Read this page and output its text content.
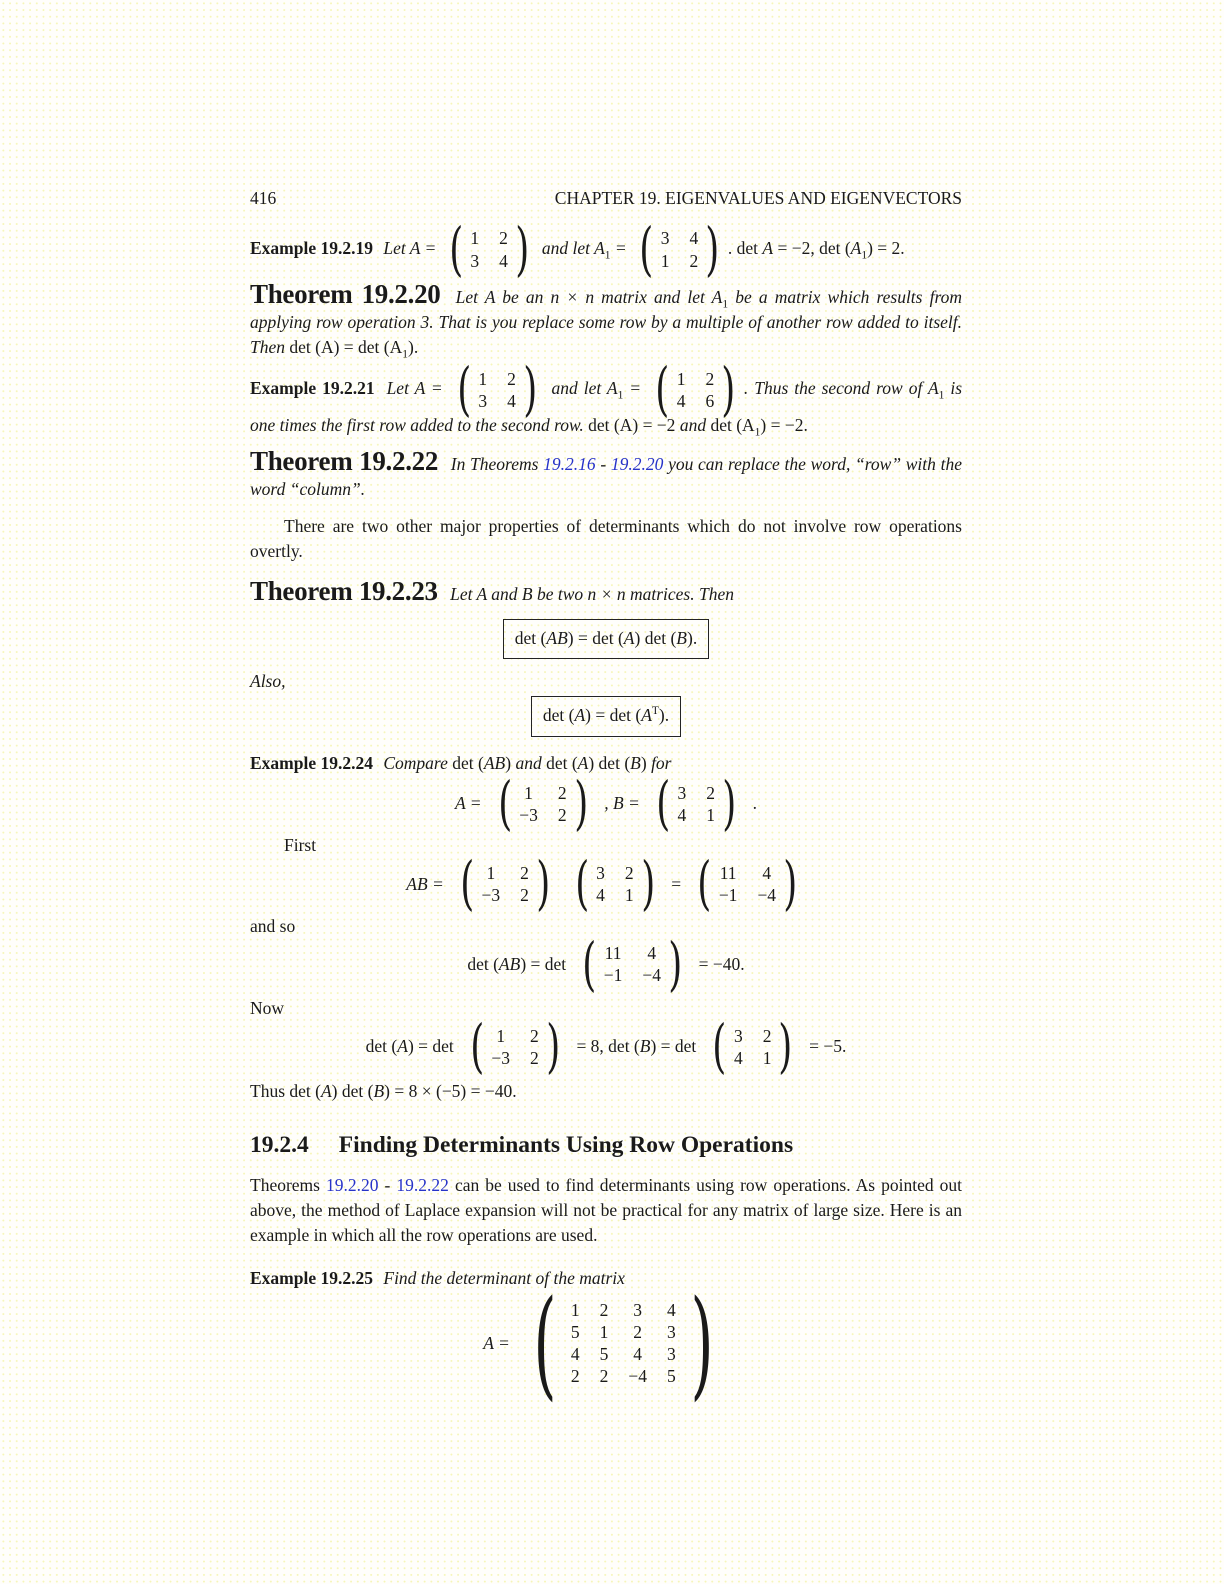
416	CHAPTER 19. EIGENVALUES AND EIGENVECTORS

Example 19.2.19 Let A = ( 1 2
3 4 ) and let $A_1$ = ( 3 4
1 2 ) . det A = −2, $\det (A_1) = 2$.

Theorem 19.2.20 Let A be an n × n matrix and let $A_1$ be a matrix which results from applying row operation 3. That is you replace some row by a multiple of another row added to itself. Then $\det (A) = \det (A_1)$.

Example 19.2.21 Let A = ( 1 2
3 4 ) and let $A_1$ = ( 1 2
4 6 ) . Thus the second row of $A_1$ is one times the first row added to the second row. det (A) = −2 and $\det (A_1) = -2$.

Theorem 19.2.22 In Theorems 19.2.16 - 19.2.20 you can replace the word, “row” with the word “column”.

There are two other major properties of determinants which do not involve row operations overtly.

Theorem 19.2.23 Let A and B be two n × n matrices. Then

det (AB) = det (A) det (B).

Also,

$\det (A) = \det (A^T)$.

Example 19.2.24 Compare det (AB) and det (A) det (B) for

A = ( 1 2
−3 2 ) , B = ( 3 2
4 1 ) .

First

AB = ( 1 2
−3 2 ) ( 3 2
4 1 ) = ( 11 4
−1 −4 )

and so

det (AB) = det ( 11 4
−1 −4 ) = −40.

Now

det (A) = det ( 1 2
−3 2 ) = 8, det (B) = det ( 3 2
4 1 ) = −5.

Thus det (A) det (B) = 8 × (−5) = −40.

19.2.4 Finding Determinants Using Row Operations

Theorems 19.2.20 - 19.2.22 can be used to find determinants using row operations. As pointed out above, the method of Laplace expansion will not be practical for any matrix of large size. Here is an example in which all the row operations are used.

Example 19.2.25 Find the determinant of the matrix

A = ( 1 2 3 4
5 1 2 3
4 5 4 3
2 2 −4 5 )
